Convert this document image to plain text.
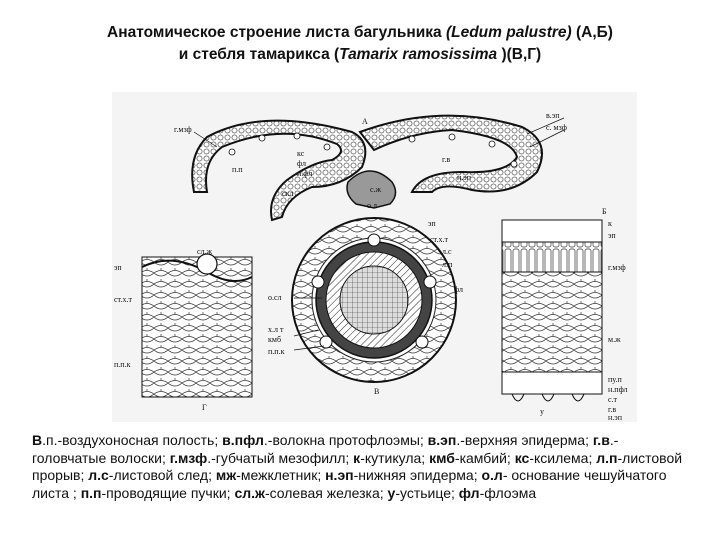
Анатомическое строение листа багульника (Ledum palustre) (А,Б)
и стебля тамарикса (Tamarix ramosissima )(В,Г)
А
г.мзф
п.п
кс
фл
п.фл
скл
г.в
в.эп
с. мзф
н.эп
с.ж
о.л
В
ст.х.т
л.с
л.п
фл
о.сл
х.л т
кмб
п.п.к
эп
сл.ж
эп
ст.х.т
п.п.к
Г
Б
к
эп
г.мзф
м.ж
пу.п
н.пфл
с.т
г.в
н.эп
у
В.п.-воздухоносная полость; в.пфл.-волокна протофлоэмы; в.эп.-верхняя эпидерма; г.в.- головчатые волоски; г.мзф.-губчатый мезофилл; к-кутикула; кмб-камбий; кс-ксилема; л.п-листовой прорыв; л.с-листовой след; мж-межклетник; н.эп-нижняя эпидерма; о.л- основание чешуйчатого листа ; п.п-проводящие пучки; сл.ж-солевая железка; у-устьице; фл-флоэма
